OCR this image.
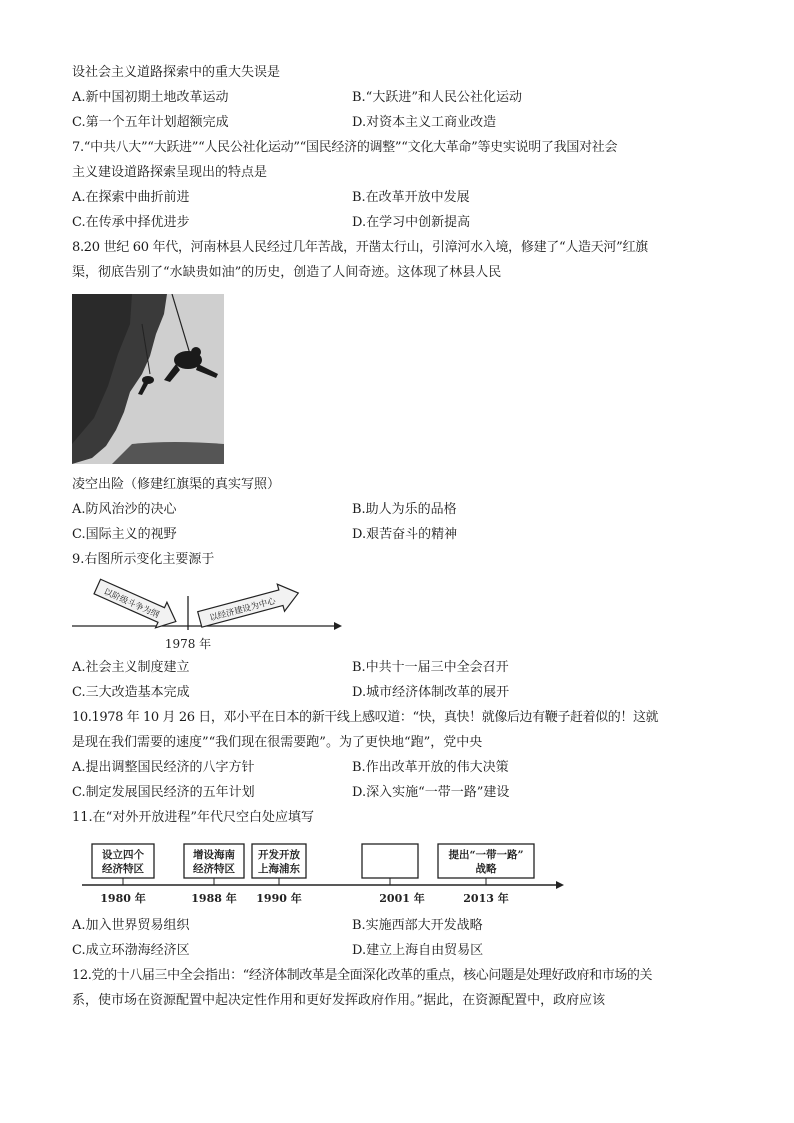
设社会主义道路探索中的重大失误是
A.新中国初期土地改革运动	B.“大跃进”和人民公社化运动
C.第一个五年计划超额完成	D.对资本主义工商业改造
7.“中共八大”“大跃进”“人民公社化运动”“国民经济的调整”“文化大革命”等史实说明了我国对社会
主义建设道路探索呈现出的特点是
A.在探索中曲折前进	B.在改革开放中发展
C.在传承中择优进步	D.在学习中创新提高
8.20 世纪 60 年代，河南林县人民经过几年苦战，开凿太行山，引漳河水入境，修建了“人造天河”红旗
渠，彻底告别了“水缺贵如油”的历史，创造了人间奇迹。这体现了林县人民
凌空出险（修建红旗渠的真实写照）
A.防风治沙的决心	B.助人为乐的品格
C.国际主义的视野	D.艰苦奋斗的精神
9.右图所示变化主要源于
以阶级斗争为纲	以经济建设为中心
1978 年
A.社会主义制度建立	B.中共十一届三中全会召开
C.三大改造基本完成	D.城市经济体制改革的展开
10.1978 年 10 月 26 日，邓小平在日本的新干线上感叹道：“快，真快！就像后边有鞭子赶着似的！这就
是现在我们需要的速度”“我们现在很需要跑”。为了更快地“跑”，党中央
A.提出调整国民经济的八字方针	B.作出改革开放的伟大决策
C.制定发展国民经济的五年计划	D.深入实施“一带一路”建设
11.在“对外开放进程”年代尺空白处应填写
设立四个
经济特区
1980 年
增设海南
经济特区
1988 年
开发开放
上海浦东
1990 年	2001 年
提出“一带一路”
战略
2013 年
A.加入世界贸易组织	B.实施西部大开发战略
C.成立环渤海经济区	D.建立上海自由贸易区
12.党的十八届三中全会指出：“经济体制改革是全面深化改革的重点，核心问题是处理好政府和市场的关
系，使市场在资源配置中起决定性作用和更好发挥政府作用。”据此，在资源配置中，政府应该
